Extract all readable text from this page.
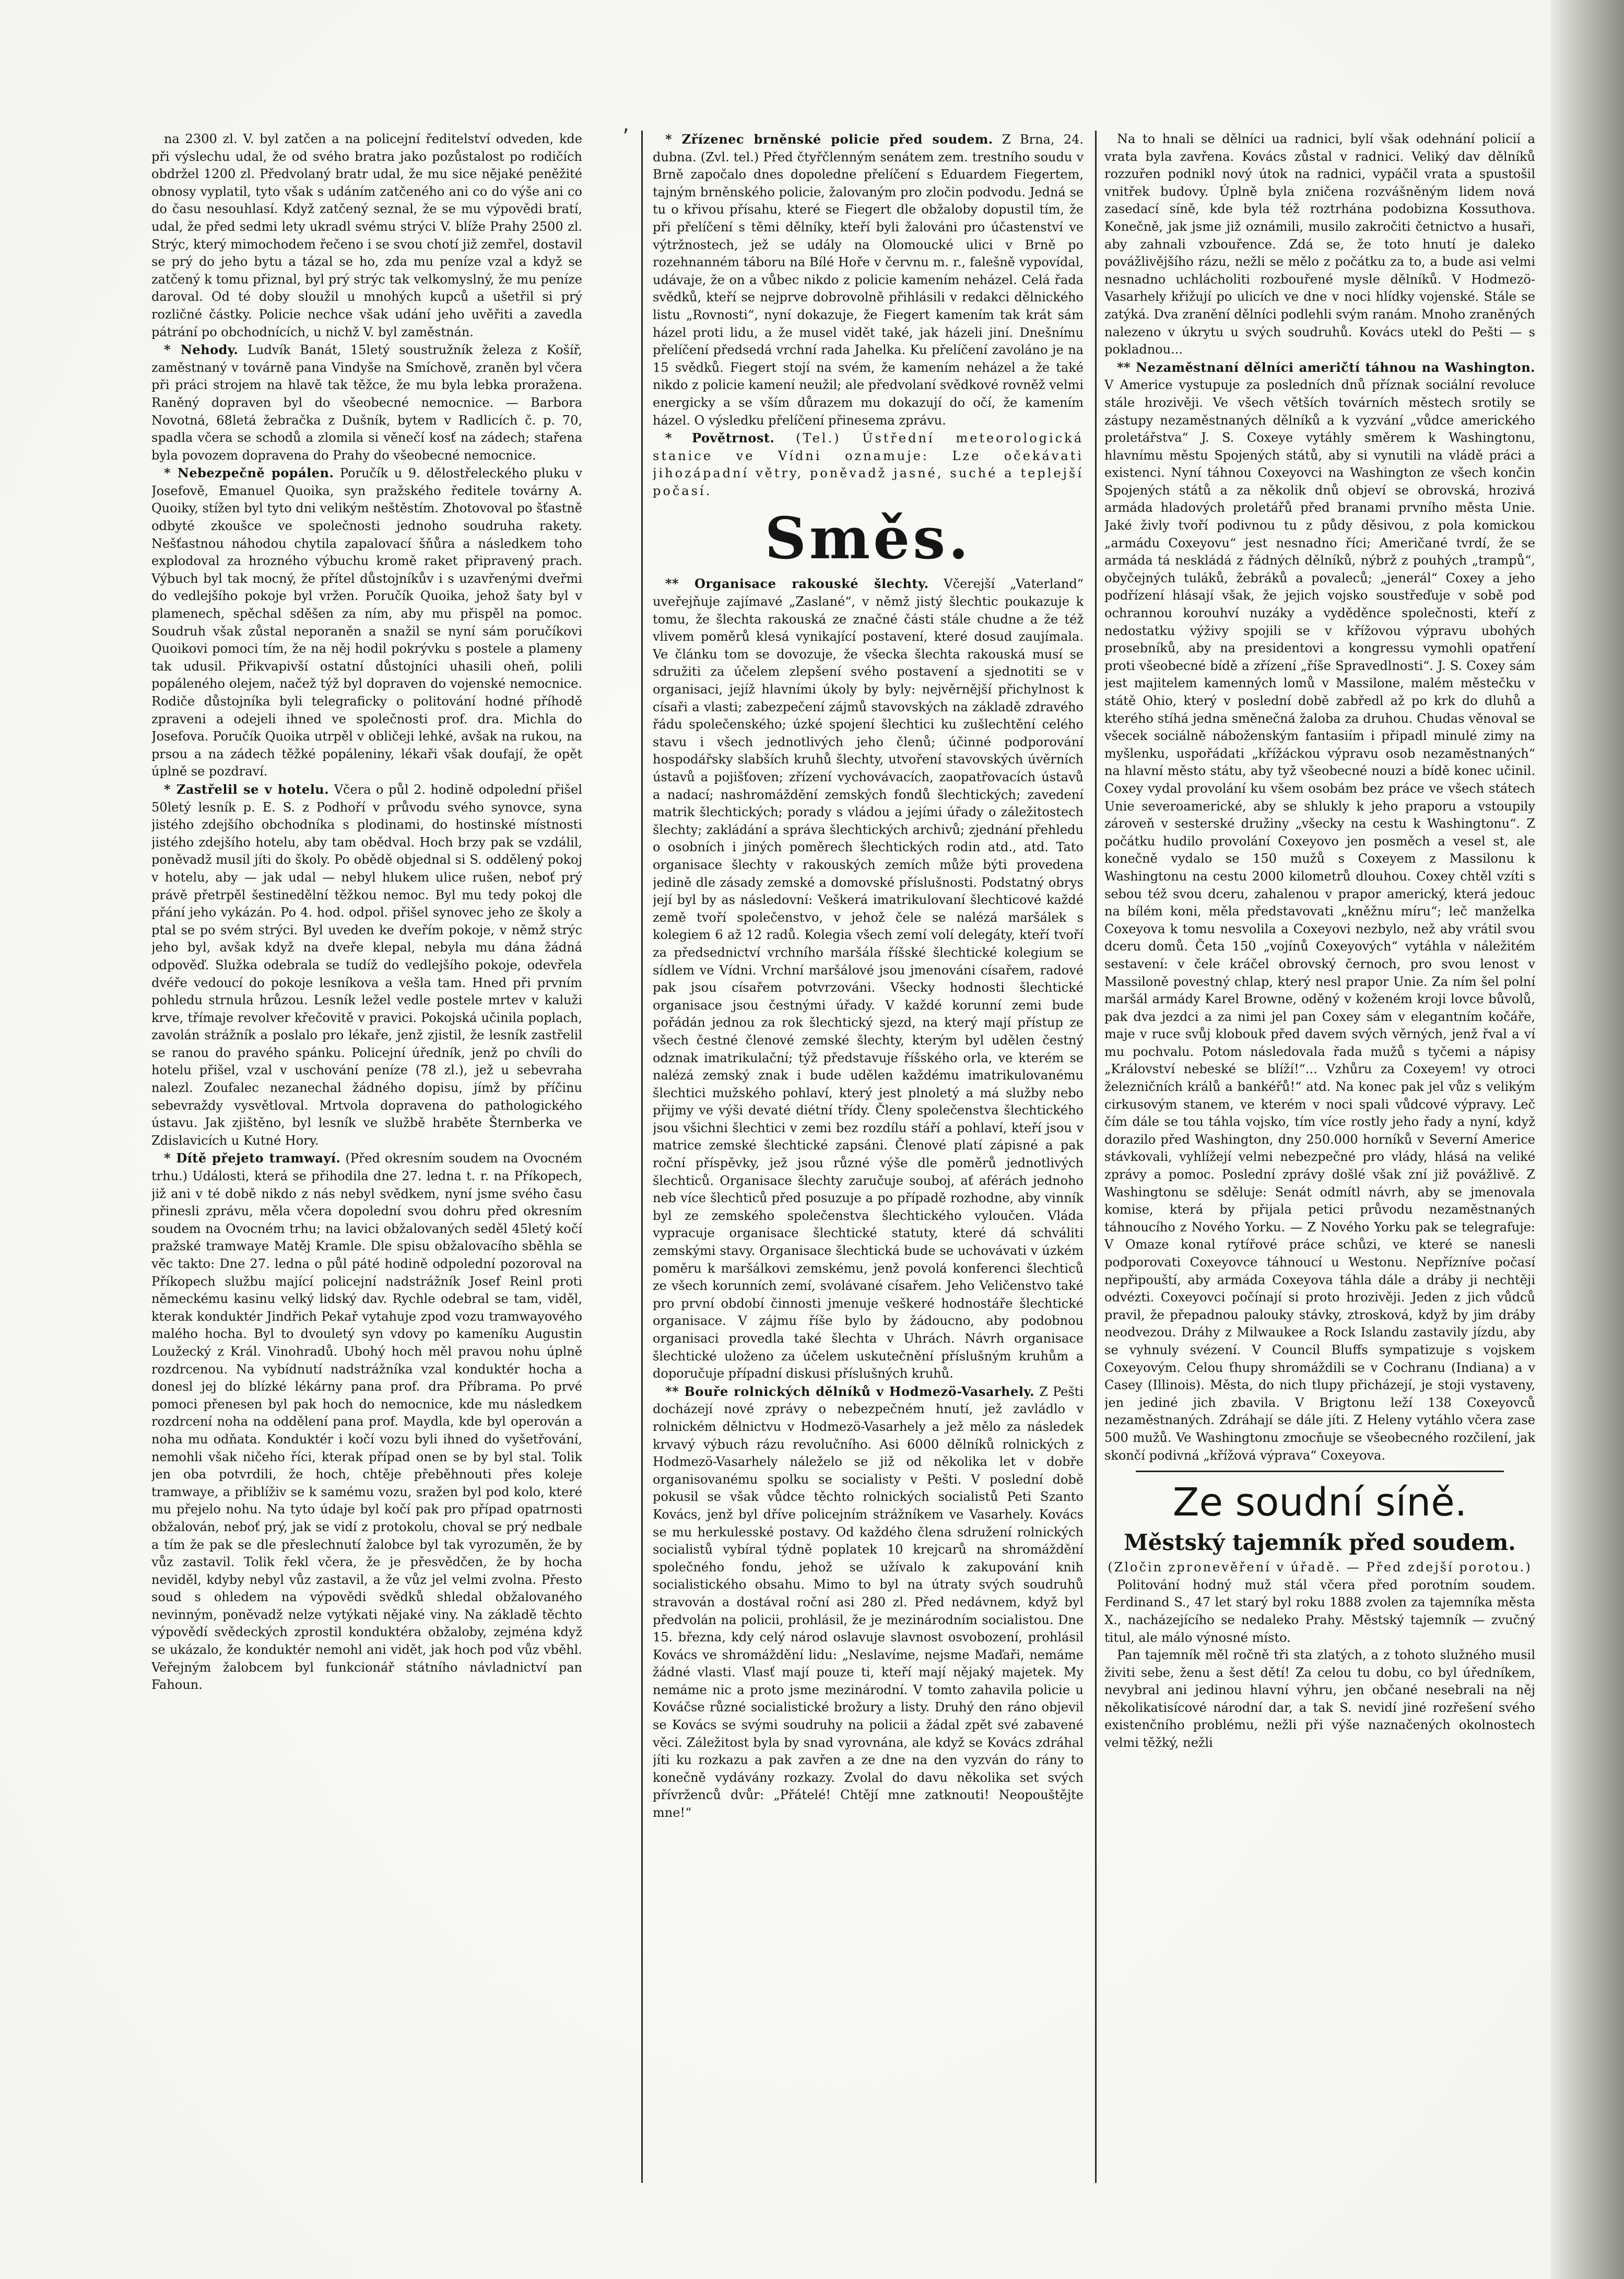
‚

na 2300 zl. V. byl zatčen a na policejní ředitelství odveden, kde při výslechu udal, že od svého bratra jako pozůstalost po rodičích obdržel 1200 zl. Předvolaný bratr udal, že mu sice nějaké peněžité obnosy vyplatil, tyto však s udáním zatčeného ani co do výše ani co do času nesouhlasí. Když zatčený seznal, že se mu výpovědi bratí, udal, že před sedmi lety ukradl svému strýci V. blíže Prahy 2500 zl. Strýc, který mimochodem řečeno i se svou chotí již zemřel, dostavil se prý do jeho bytu a tázal se ho, zda mu peníze vzal a když se zatčený k tomu přiznal, byl prý strýc tak velkomyslný, že mu peníze daroval. Od té doby sloužil u mnohých kupců a ušetřil si prý rozličné částky. Policie nechce však udání jeho uvěřiti a zavedla pátrání po obchodnících, u nichž V. byl zaměstnán.

* Nehody. Ludvík Banát, 15letý soustružník železa z Košíř, zaměstnaný v továrně pana Vindyše na Smíchově, zraněn byl včera při práci strojem na hlavě tak těžce, že mu byla lebka proražena. Raněný dopraven byl do všeobecné nemocnice. — Barbora Novotná, 68letá žebračka z Dušník, bytem v Radlicích č. p. 70, spadla včera se schodů a zlomila si věnečí kosť na zádech; stařena byla povozem dopravena do Prahy do všeobecné nemocnice.

* Nebezpečně popálen. Poručík u 9. dělostřeleckého pluku v Josefově, Emanuel Quoika, syn pražského ředitele továrny A. Quoiky, stížen byl tyto dni velikým neštěstím. Zhotovoval po šťastně odbyté zkoušce ve společnosti jednoho soudruha rakety. Nešťastnou náhodou chytila zapalovací šňůra a následkem toho explodoval za hrozného výbuchu kromě raket připravený prach. Výbuch byl tak mocný, že přítel důstojníkův i s uzavřenými dveřmi do vedlejšího pokoje byl vržen. Poručík Quoika, jehož šaty byl v plamenech, spěchal sděšen za ním, aby mu přispěl na pomoc. Soudruh však zůstal neporaněn a snažil se nyní sám poručíkovi Quoikovi pomoci tím, že na něj hodil pokrývku s postele a plameny tak udusil. Přikvapivší ostatní důstojníci uhasili oheň, polili popáleného olejem, načež týž byl dopraven do vojenské nemocnice. Rodiče důstojníka byli telegraficky o politování hodné příhodě zpraveni a odejeli ihned ve společnosti prof. dra. Michla do Josefova. Poručík Quoika utrpěl v obličeji lehké, avšak na rukou, na prsou a na zádech těžké popáleniny, lékaři však doufají, že opět úplně se pozdraví.

* Zastřelil se v hotelu. Včera o půl 2. hodině odpolední přišel 50letý lesník p. E. S. z Podhoří v průvodu svého synovce, syna jistého zdejšího obchodníka s plodinami, do hostinské místnosti jistého zdejšího hotelu, aby tam obědval. Hoch brzy pak se vzdálil, poněvadž musil jíti do školy. Po obědě objednal si S. oddělený pokoj v hotelu, aby — jak udal — nebyl hlukem ulice rušen, neboť prý právě přetrpěl šestinedělní těžkou nemoc. Byl mu tedy pokoj dle přání jeho vykázán. Po 4. hod. odpol. přišel synovec jeho ze školy a ptal se po svém strýci. Byl uveden ke dveřím pokoje, v němž strýc jeho byl, avšak když na dveře klepal, nebyla mu dána žádná odpověď. Služka odebrala se tudíž do vedlejšího pokoje, odevřela dvéře vedoucí do pokoje lesníkova a vešla tam. Hned při prvním pohledu strnula hrůzou. Lesník ležel vedle postele mrtev v kaluži krve, třímaje revolver křečovitě v pravici. Pokojská učinila poplach, zavolán strážník a poslalo pro lékaře, jenž zjistil, že lesník zastřelil se ranou do pravého spánku. Policejní úředník, jenž po chvíli do hotelu přišel, vzal v uschování peníze (78 zl.), jež u sebevraha nalezl. Zoufalec nezanechal žádného dopisu, jímž by příčinu sebevraždy vysvětloval. Mrtvola dopravena do pathologického ústavu. Jak zjištěno, byl lesník ve službě hraběte Šternberka ve Zdislavicích u Kutné Hory.

* Dítě přejeto tramwayí. (Před okresním soudem na Ovocném trhu.) Události, která se přihodila dne 27. ledna t. r. na Příkopech, již ani v té době nikdo z nás nebyl svědkem, nyní jsme svého času přinesli zprávu, měla včera dopolední svou dohru před okresním soudem na Ovocném trhu; na lavici obžalovaných seděl 45letý kočí pražské tramwaye Matěj Kramle. Dle spisu obžalovacího sběhla se věc takto: Dne 27. ledna o půl páté hodině odpolední pozoroval na Příkopech službu mající policejní nadstrážník Josef Reinl proti německému kasinu velký lidský dav. Rychle odebral se tam, viděl, kterak konduktér Jindřich Pekař vytahuje zpod vozu tramwayového malého hocha. Byl to dvouletý syn vdovy po kameníku Augustin Loužecký z Král. Vinohradů. Ubohý hoch měl pravou nohu úplně rozdrcenou. Na vybídnutí nadstrážníka vzal konduktér hocha a donesl jej do blízké lékárny pana prof. dra Příbrama. Po prvé pomoci přenesen byl pak hoch do nemocnice, kde mu následkem rozdrcení noha na oddělení pana prof. Maydla, kde byl operován a noha mu odňata. Konduktér i kočí vozu byli ihned do vyšetřování, nemohli však ničeho říci, kterak případ onen se by byl stal. Tolik jen oba potvrdili, že hoch, chtěje přeběhnouti přes koleje tramwaye, a přiblíživ se k samému vozu, sražen byl pod kolo, které mu přejelo nohu. Na tyto údaje byl kočí pak pro případ opatrnosti obžalován, neboť prý, jak se vidí z protokolu, choval se prý nedbale a tím že pak se dle přeslechnutí žalobce byl tak vyrozuměn, že by vůz zastavil. Tolik řekl včera, že je přesvědčen, že by hocha neviděl, kdyby nebyl vůz zastavil, a že vůz jel velmi zvolna. Přesto soud s ohledem na výpovědi svědků shledal obžalovaného nevinným, poněvadž nelze vytýkati nějaké viny. Na základě těchto výpovědí svědeckých zprostil konduktéra obžaloby, zejména když se ukázalo, že konduktér nemohl ani vidět, jak hoch pod vůz vběhl. Veřejným žalobcem byl funkcionář státního návladnictví pan Fahoun.

* Zřízenec brněnské policie před soudem. Z Brna, 24. dubna. (Zvl. tel.) Před čtyřčlenným senátem zem. trestního soudu v Brně započalo dnes dopoledne přelíčení s Eduardem Fiegertem, tajným brněnského policie, žalovaným pro zločin podvodu. Jedná se tu o křivou přísahu, které se Fiegert dle obžaloby dopustil tím, že při přelíčení s těmi dělníky, kteří byli žalováni pro účastenství ve výtržnostech, jež se udály na Olomoucké ulici v Brně po rozehnanném táboru na Bílé Hoře v červnu m. r., falešně vypovídal, udávaje, že on a vůbec nikdo z policie kamením neházel. Celá řada svědků, kteří se nejprve dobrovolně přihlásili v redakci dělnického listu „Rovnosti“, nyní dokazuje, že Fiegert kamením tak krát sám házel proti lidu, a že musel vidět také, jak házeli jiní. Dnešnímu přelíčení předsedá vrchní rada Jahelka. Ku přelíčení zavoláno je na 15 svědků. Fiegert stojí na svém, že kamením neházel a že také nikdo z policie kamení neužil; ale předvolaní svědkové rovněž velmi energicky a se vším důrazem mu dokazují do očí, že kamením házel. O výsledku přelíčení přinesema zprávu.

* Povětrnost. (Tel.) Ústřední meteorologická stanice ve Vídni oznamuje: Lze očekávati jihozápadní větry, poněvadž jasné, suché a teplejší počasí.

Směs.

** Organisace rakouské šlechty. Včerejší „Vaterland“ uveřejňuje zajímavé „Zaslané“, v němž jistý šlechtic poukazuje k tomu, že šlechta rakouská ze značné části stále chudne a že též vlivem poměrů klesá vynikající postavení, které dosud zaujímala. Ve článku tom se dovozuje, že všecka šlechta rakouská musí se sdružiti za účelem zlepšení svého postavení a sjednotiti se v organisaci, jejíž hlavními úkoly by byly: nejvěrnější přichylnost k císaři a vlasti; zabezpečení zájmů stavovských na základě zdravého řádu společenského; úzké spojení šlechtici ku zušlechtění celého stavu i všech jednotlivých jeho členů; účinné podporování hospodářsky slabších kruhů šlechty, utvoření stavovských úvěrních ústavů a pojišťoven; zřízení vychovávacích, zaopatřovacích ústavů a nadací; nashromáždění zemských fondů šlechtických; zavedení matrik šlechtických; porady s vládou a jejími úřady o záležitostech šlechty; zakládání a správa šlechtických archivů; zjednání přehledu o osobních i jiných poměrech šlechtických rodin atd., atd. Tato organisace šlechty v rakouských zemích může býti provedena jedině dle zásady zemské a domovské příslušnosti. Podstatný obrys její byl by as následovní: Veškerá imatrikulovaní šlechticové každé země tvoří společenstvo, v jehož čele se nalézá maršálek s kolegiem 6 až 12 radů. Kolegia všech zemí volí delegáty, kteří tvoří za předsednictví vrchního maršála říšské šlechtické kolegium se sídlem ve Vídni. Vrchní maršálové jsou jmenováni císařem, radové pak jsou císařem potvrzováni. Všecky hodnosti šlechtické organisace jsou čestnými úřady. V každé korunní zemi bude pořádán jednou za rok šlechtický sjezd, na který mají přístup ze všech čestné členové zemské šlechty, kterým byl udělen čestný odznak imatrikulační; týž představuje říšského orla, ve kterém se nalézá zemský znak i bude udělen každému imatrikulovanému šlechtici mužského pohlaví, který jest plnoletý a má služby nebo přijmy ve výši devaté diétní třídy. Členy společenstva šlechtického jsou všichni šlechtici v zemi bez rozdílu stáří a pohlaví, kteří jsou v matrice zemské šlechtické zapsáni. Členové platí zápisné a pak roční příspěvky, jež jsou různé výše dle poměrů jednotlivých šlechticů. Organisace šlechty zaručuje souboj, ať aférách jednoho neb více šlechticů před posuzuje a po případě rozhodne, aby vinník byl ze zemského společenstva šlechtického vyloučen. Vláda vypracuje organisace šlechtické statuty, které dá schváliti zemskými stavy. Organisace šlechtická bude se uchovávati v úzkém poměru k maršálkovi zemskému, jenž povolá konferenci šlechticů ze všech korunních zemí, svolávané císařem. Jeho Veličenstvo také pro první období činnosti jmenuje veškeré hodnostáře šlechtické organisace. V zájmu říše bylo by žádoucno, aby podobnou organisaci provedla také šlechta v Uhrách. Návrh organisace šlechtické uloženo za účelem uskutečnění příslušným kruhům a doporučuje případní diskusi příslušných kruhů.

** Bouře rolnických dělníků v Hodmezö-Vasarhely. Z Pešti docházejí nové zprávy o nebezpečném hnutí, jež zavládlo v rolnickém dělnictvu v Hodmezö-Vasarhely a jež mělo za následek krvavý výbuch rázu revolučního. Asi 6000 dělníků rolnických z Hodmezö-Vasarhely náleželo se již od několika let v dobře organisovanému spolku se socialisty v Pešti. V poslední době pokusil se však vůdce těchto rolnických socialistů Peti Szanto Kovács, jenž byl dříve policejním strážníkem ve Vasarhely. Kovács se mu herkulesské postavy. Od každého člena sdružení rolnických socialistů vybíral týdně poplatek 10 krejcarů na shromáždění společného fondu, jehož se užívalo k zakupování knih socialistického obsahu. Mimo to byl na útraty svých soudruhů stravován a dostával roční asi 280 zl. Před nedávnem, když byl předvolán na policii, prohlásil, že je mezinárodním socialistou. Dne 15. března, kdy celý národ oslavuje slavnost osvobození, prohlásil Kovács ve shromáždění lidu: „Neslavíme, nejsme Maďaři, nemáme žádné vlasti. Vlasť mají pouze ti, kteří mají nějaký majetek. My nemáme nic a proto jsme mezinárodní. V tomto zahavila policie u Kováčse různé socialistické brožury a listy. Druhý den ráno objevil se Kovács se svými soudruhy na policii a žádal zpět své zabavené věci. Záležitost byla by snad vyrovnána, ale když se Kovács zdráhal jíti ku rozkazu a pak zavřen a ze dne na den vyzván do rány to konečně vydávány rozkazy. Zvolal do davu několika set svých přívrženců dvůr: „Přátelé! Chtějí mne zatknouti! Neopouštějte mne!“

Na to hnali se dělníci ua radnici, bylí však odehnání policií a vrata byla zavřena. Kovács zůstal v radnici. Veliký dav dělníků rozzuřen podnikl nový útok na radnici, vypáčil vrata a spustošil vnitřek budovy. Úplně byla zničena rozvášněným lidem nová zasedací síně, kde byla též roztrhána podobizna Kossuthova. Konečně, jak jsme již oznámili, musilo zakročiti četnictvo a husaři, aby zahnali vzbouřence. Zdá se, že toto hnutí je daleko povážlivějšího rázu, nežli se mělo z počátku za to, a bude asi velmi nesnadno uchlácholiti rozbouřené mysle dělníků. V Hodmezö-Vasarhely křižují po ulicích ve dne v noci hlídky vojenské. Stále se zatýká. Dva zranění dělníci podlehli svým ranám. Mnoho zraněných nalezeno v úkrytu u svých soudruhů. Kovács utekl do Pešti — s pokladnou...

** Nezaměstnaní dělníci američtí táhnou na Washington. V Americe vystupuje za posledních dnů příznak sociální revoluce stále hrozivěji. Ve všech větších továrních městech srotily se zástupy nezaměstnaných dělníků a k vyzvání „vůdce amerického proletářstva“ J. S. Coxeye vytáhly směrem k Washingtonu, hlavnímu městu Spojených států, aby si vynutili na vládě práci a existenci. Nyní táhnou Coxeyovci na Washington ze všech končin Spojených států a za několik dnů objeví se obrovská, hrozivá armáda hladových proletářů před branami prvního města Unie. Jaké živly tvoří podivnou tu z půdy děsivou, z pola komickou „armádu Coxeyovu“ jest nesnadno říci; Američané tvrdí, že se armáda tá neskládá z řádných dělníků, nýbrž z pouhých „trampů“, obyčejných tuláků, žebráků a povaleců; „jenerál“ Coxey a jeho podřízení hlásají však, že jejich vojsko soustřeďuje v sobě pod ochrannou korouhví nuzáky a vyděděnce společnosti, kteří z nedostatku výživy spojili se v křížovou výpravu ubohých prosebníků, aby na presidentovi a kongressu vymohli opatření proti všeobecné bídě a zřízení „říše Spravedlnosti“. J. S. Coxey sám jest majitelem kamenných lomů v Massilone, malém městečku v státě Ohio, který v poslední době zabředl až po krk do dluhů a kterého stíhá jedna směnečná žaloba za druhou. Chudas věnoval se všecek sociálně náboženským fantasiím i připadl minulé zimy na myšlenku, uspořádati „křížáckou výpravu osob nezaměstnaných“ na hlavní město státu, aby tyž všeobecné nouzi a bídě konec učinil. Coxey vydal provolání ku všem osobám bez práce ve všech státech Unie severoamerické, aby se shlukly k jeho praporu a vstoupily zároveň v sesterské družiny „všecky na cestu k Washingtonu“. Z počátku hudilo provolání Coxeyovo jen posměch a vesel st, ale konečně vydalo se 150 mužů s Coxeyem z Massilonu k Washingtonu na cestu 2000 kilometrů dlouhou. Coxey chtěl vzíti s sebou též svou dceru, zahalenou v prapor americký, která jedouc na bílém koni, měla představovati „kněžnu míru“; leč manželka Coxeyova k tomu nesvolila a Coxeyovi nezbylo, než aby vrátil svou dceru domů. Četa 150 „vojínů Coxeyových“ vytáhla v náležitém sestavení: v čele kráčel obrovský černoch, pro svou lenost v Massiloně povestný chlap, který nesl prapor Unie. Za ním šel polní maršál armády Karel Browne, oděný v koženém kroji lovce bůvolů, pak dva jezdci a za nimi jel pan Coxey sám v elegantním kočáře, maje v ruce svůj klobouk před davem svých věrných, jenž řval a ví mu pochvalu. Potom následovala řada mužů s tyčemi a nápisy „Království nebeské se blíží!“... Vzhůru za Coxeyem! vy otroci železničních králů a bankéřů!“ atd. Na konec pak jel vůz s velikým cirkusovým stanem, ve kterém v noci spali vůdcové výpravy. Leč čím dále se tou táhla vojsko, tím více rostly jeho řady a nyní, když dorazilo před Washington, dny 250.000 horníků v Severní Americe stávkovali, vyhlížejí velmi nebezpečné pro vlády, hlásá na veliké zprávy a pomoc. Poslední zprávy došlé však zní již povážlivě. Z Washingtonu se sděluje: Senát odmítl návrh, aby se jmenovala komise, která by přijala petici průvodu nezaměstnaných táhnoucího z Nového Yorku. — Z Nového Yorku pak se telegrafuje: V Omaze konal rytířové práce schůzi, ve které se nanesli podporovati Coxeyovce táhnoucí u Westonu. Nepřízníve počasí nepřipouští, aby armáda Coxeyova táhla dále a dráby ji nechtěji odvézti. Coxeyovci počínají si proto hrozivěji. Jeden z jich vůdců pravil, že přepadnou palouky stávky, ztrosková, když by jim dráby neodvezou. Dráhy z Milwaukee a Rock Islandu zastavily jízdu, aby se vyhnuly svézení. V Council Bluffs sympatizuje s vojskem Coxeyovým. Celou ťhupy shromáždili se v Cochranu (Indiana) a v Casey (Illinois). Města, do nich tlupy přicházejí, je stoji vystaveny, jen jediné jich zbavila. V Brigtonu leží 138 Coxeyovců nezaměstnaných. Zdráhají se dále jíti. Z Heleny vytáhlo včera zase 500 mužů. Ve Washingtonu zmocňuje se všeobecného rozčilení, jak skončí podivná „křížová výprava“ Coxeyova.

Ze soudní síně.
Městský tajemník před soudem.

(Zločin zpronevěření v úřadě. — Před zdejší porotou.)

Politování hodný muž stál včera před porotním soudem. Ferdinand S., 47 let starý byl roku 1888 zvolen za tajemníka města X., nacházejícího se nedaleko Prahy. Městský tajemník — zvučný titul, ale málo výnosné místo.

Pan tajemník měl ročně tři sta zlatých, a z tohoto služného musil živiti sebe, ženu a šest dětí! Za celou tu dobu, co byl úředníkem, nevybral ani jedinou hlavní výhru, jen občané nesebrali na něj několikatisícové národní dar, a tak S. nevidí jiné rozřešení svého existenčního problému, nežli při výše naznačených okolnostech velmi těžký, nežli
